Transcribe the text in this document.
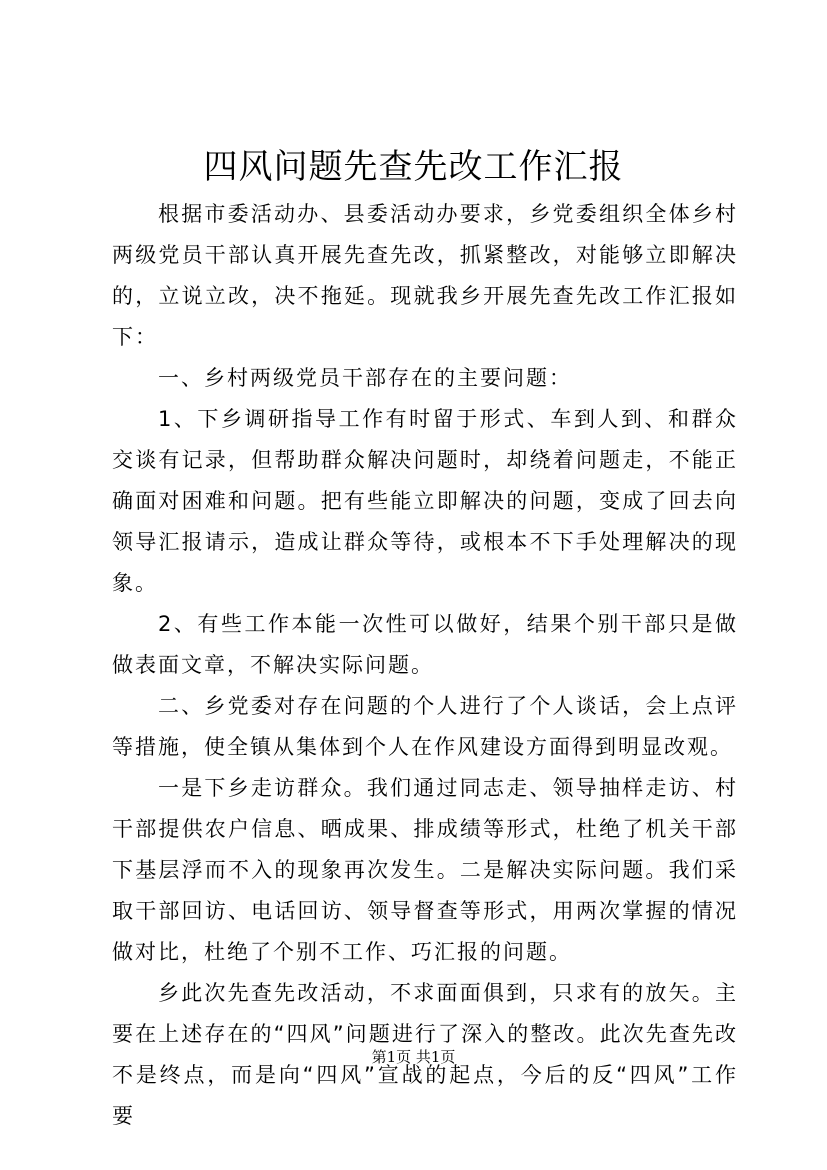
四风问题先查先改工作汇报

根据市委活动办、县委活动办要求，乡党委组织全体乡村两级党员干部认真开展先查先改，抓紧整改，对能够立即解决的，立说立改，决不拖延。现就我乡开展先查先改工作汇报如下：

一、乡村两级党员干部存在的主要问题：

1、下乡调研指导工作有时留于形式、车到人到、和群众交谈有记录，但帮助群众解决问题时，却绕着问题走，不能正确面对困难和问题。把有些能立即解决的问题，变成了回去向领导汇报请示，造成让群众等待，或根本不下手处理解决的现象。

2、有些工作本能一次性可以做好，结果个别干部只是做做表面文章，不解决实际问题。

二、乡党委对存在问题的个人进行了个人谈话，会上点评等措施，使全镇从集体到个人在作风建设方面得到明显改观。

一是下乡走访群众。我们通过同志走、领导抽样走访、村干部提供农户信息、晒成果、排成绩等形式，杜绝了机关干部下基层浮而不入的现象再次发生。二是解决实际问题。我们采取干部回访、电话回访、领导督查等形式，用两次掌握的情况做对比，杜绝了个别不工作、巧汇报的问题。

乡此次先查先改活动，不求面面俱到，只求有的放矢。主要在上述存在的“四风”问题进行了深入的整改。此次先查先改不是终点，而是向“四风”宣战的起点，今后的反“四风”工作要

第1页 共1页
